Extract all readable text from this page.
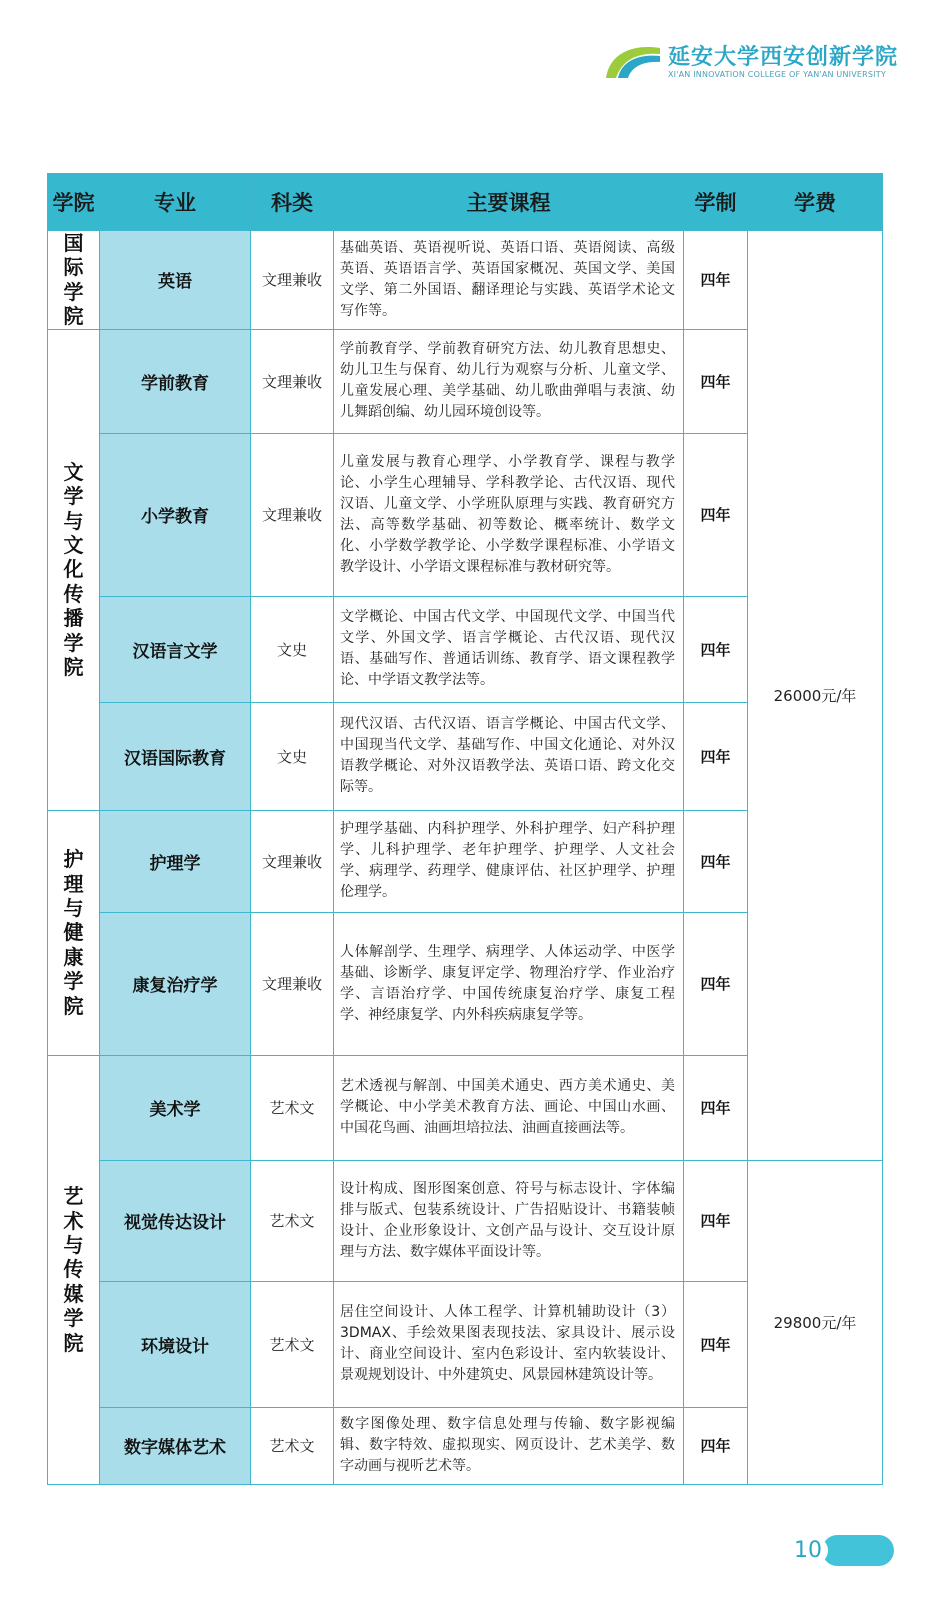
延安大学西安创新学院
XI'AN INNOVATION COLLEGE OF YAN'AN UNIVERSITY
学院	专业	科类	主要课程	学制	学费
国际学院	英语	文理兼收	基础英语、英语视听说、英语口语、英语阅读、高级英语、英语语言学、英语国家概况、英国文学、美国文学、第二外国语、翻译理论与实践、英语学术论文写作等。	四年	26000元/年
文学与文化传播学院	学前教育	文理兼收	学前教育学、学前教育研究方法、幼儿教育思想史、幼儿卫生与保育、幼儿行为观察与分析、儿童文学、儿童发展心理、美学基础、幼儿歌曲弹唱与表演、幼儿舞蹈创编、幼儿园环境创设等。	四年	
	小学教育	文理兼收	儿童发展与教育心理学、小学教育学、课程与教学论、小学生心理辅导、学科教学论、古代汉语、现代汉语、儿童文学、小学班队原理与实践、教育研究方法、高等数学基础、初等数论、概率统计、数学文化、小学数学教学论、小学数学课程标准、小学语文教学设计、小学语文课程标准与教材研究等。	四年	
	汉语言文学	文史	文学概论、中国古代文学、中国现代文学、中国当代文学、外国文学、语言学概论、古代汉语、现代汉语、基础写作、普通话训练、教育学、语文课程教学论、中学语文教学法等。	四年	
	汉语国际教育	文史	现代汉语、古代汉语、语言学概论、中国古代文学、中国现当代文学、基础写作、中国文化通论、对外汉语教学概论、对外汉语教学法、英语口语、跨文化交际等。	四年	
护理与健康学院	护理学	文理兼收	护理学基础、内科护理学、外科护理学、妇产科护理学、儿科护理学、老年护理学、护理学、人文社会学、病理学、药理学、健康评估、社区护理学、护理伦理学。	四年	
	康复治疗学	文理兼收	人体解剖学、生理学、病理学、人体运动学、中医学基础、诊断学、康复评定学、物理治疗学、作业治疗学、言语治疗学、中国传统康复治疗学、康复工程学、神经康复学、内外科疾病康复学等。	四年	
艺术与传媒学院	美术学	艺术文	艺术透视与解剖、中国美术通史、西方美术通史、美学概论、中小学美术教育方法、画论、中国山水画、中国花鸟画、油画坦培拉法、油画直接画法等。	四年	
	视觉传达设计	艺术文	设计构成、图形图案创意、符号与标志设计、字体编排与版式、包装系统设计、广告招贴设计、书籍装帧设计、企业形象设计、文创产品与设计、交互设计原理与方法、数字媒体平面设计等。	四年	29800元/年
	环境设计	艺术文	居住空间设计、人体工程学、计算机辅助设计（3）3DMAX、手绘效果图表现技法、家具设计、展示设计、商业空间设计、室内色彩设计、室内软装设计、景观规划设计、中外建筑史、风景园林建筑设计等。	四年	
	数字媒体艺术	艺术文	数字图像处理、数字信息处理与传输、数字影视编辑、数字特效、虚拟现实、网页设计、艺术美学、数字动画与视听艺术等。	四年	
10
